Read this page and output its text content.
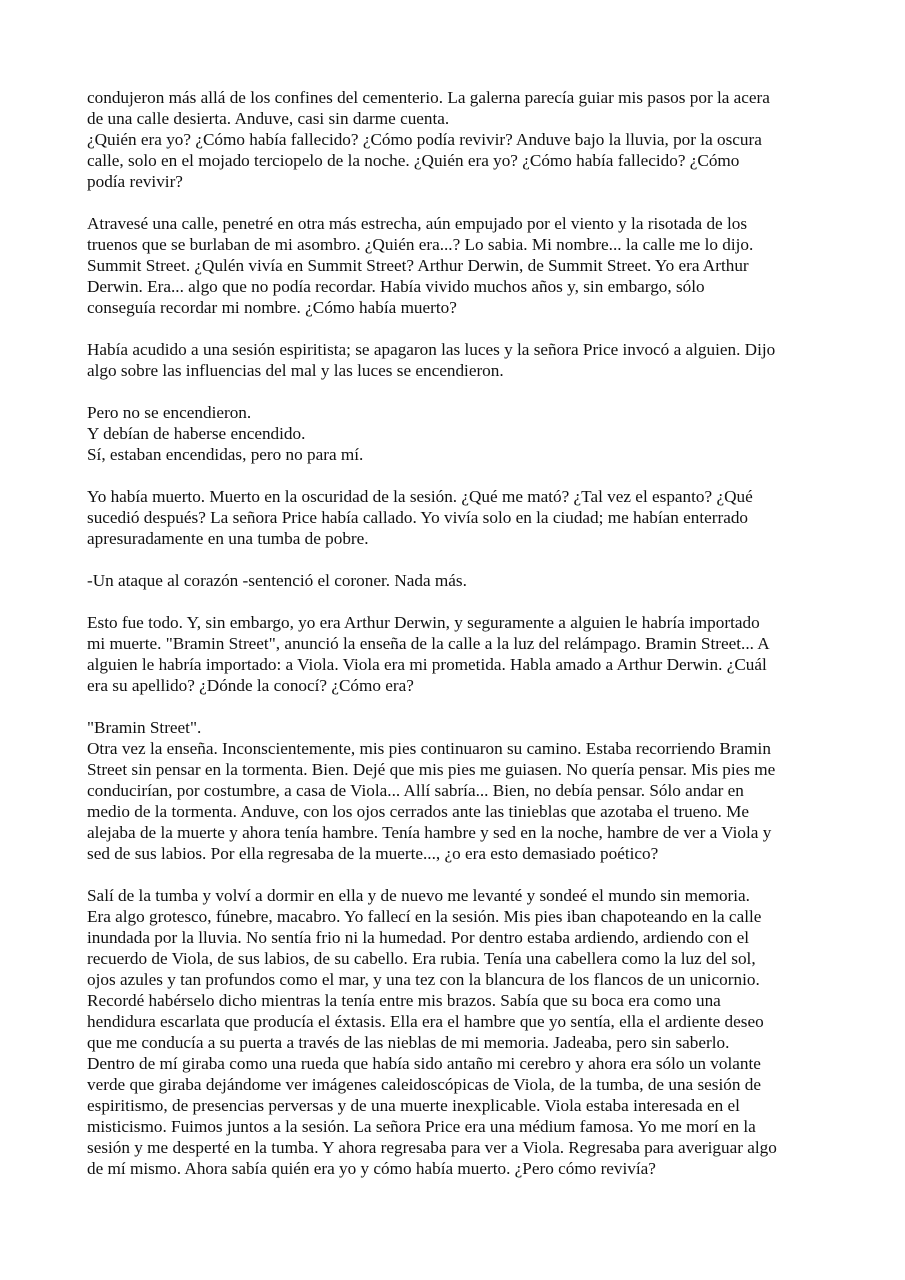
condujeron más allá de los confines del cementerio. La galerna parecía guiar mis pasos por la acera
de una calle desierta. Anduve, casi sin darme cuenta.
¿Quién era yo? ¿Cómo había fallecido? ¿Cómo podía revivir? Anduve bajo la lluvia, por la oscura
calle, solo en el mojado terciopelo de la noche. ¿Quién era yo? ¿Cómo había fallecido? ¿Cómo
podía revivir?
Atravesé una calle, penetré en otra más estrecha, aún empujado por el viento y la risotada de los
truenos que se burlaban de mi asombro. ¿Quién era...? Lo sabia. Mi nombre... la calle me lo dijo.
Summit Street. ¿Qulén vivía en Summit Street? Arthur Derwin, de Summit Street. Yo era Arthur
Derwin. Era... algo que no podía recordar. Había vivido muchos años y, sin embargo, sólo
conseguía recordar mi nombre. ¿Cómo había muerto?
Había acudido a una sesión espiritista; se apagaron las luces y la señora Price invocó a alguien. Dijo
algo sobre las influencias del mal y las luces se encendieron.
Pero no se encendieron.
Y debían de haberse encendido.
Sí, estaban encendidas, pero no para mí.
Yo había muerto. Muerto en la oscuridad de la sesión. ¿Qué me mató? ¿Tal vez el espanto? ¿Qué
sucedió después? La señora Price había callado. Yo vivía solo en la ciudad; me habían enterrado
apresuradamente en una tumba de pobre.
-Un ataque al corazón -sentenció el coroner. Nada más.
Esto fue todo. Y, sin embargo, yo era Arthur Derwin, y seguramente a alguien le habría importado
mi muerte. "Bramin Street", anunció la enseña de la calle a la luz del relámpago. Bramin Street... A
alguien le habría importado: a Viola. Viola era mi prometida. Habla amado a Arthur Derwin. ¿Cuál
era su apellido? ¿Dónde la conocí? ¿Cómo era?
"Bramin Street".
Otra vez la enseña. Inconscientemente, mis pies continuaron su camino. Estaba recorriendo Bramin
Street sin pensar en la tormenta. Bien. Dejé que mis pies me guiasen. No quería pensar. Mis pies me
conducirían, por costumbre, a casa de Viola... Allí sabría... Bien, no debía pensar. Sólo andar en
medio de la tormenta. Anduve, con los ojos cerrados ante las tinieblas que azotaba el trueno. Me
alejaba de la muerte y ahora tenía hambre. Tenía hambre y sed en la noche, hambre de ver a Viola y
sed de sus labios. Por ella regresaba de la muerte..., ¿o era esto demasiado poético?
Salí de la tumba y volví a dormir en ella y de nuevo me levanté y sondeé el mundo sin memoria.
Era algo grotesco, fúnebre, macabro. Yo fallecí en la sesión. Mis pies iban chapoteando en la calle
inundada por la lluvia. No sentía frio ni la humedad. Por dentro estaba ardiendo, ardiendo con el
recuerdo de Viola, de sus labios, de su cabello. Era rubia. Tenía una cabellera como la luz del sol,
ojos azules y tan profundos como el mar, y una tez con la blancura de los flancos de un unicornio.
Recordé habérselo dicho mientras la tenía entre mis brazos. Sabía que su boca era como una
hendidura escarlata que producía el éxtasis. Ella era el hambre que yo sentía, ella el ardiente deseo
que me conducía a su puerta a través de las nieblas de mi memoria. Jadeaba, pero sin saberlo.
Dentro de mí giraba como una rueda que había sido antaño mi cerebro y ahora era sólo un volante
verde que giraba dejándome ver imágenes caleidoscópicas de Viola, de la tumba, de una sesión de
espiritismo, de presencias perversas y de una muerte inexplicable. Viola estaba interesada en el
misticismo. Fuimos juntos a la sesión. La señora Price era una médium famosa. Yo me morí en la
sesión y me desperté en la tumba. Y ahora regresaba para ver a Viola. Regresaba para averiguar algo
de mí mismo. Ahora sabía quién era yo y cómo había muerto. ¿Pero cómo revivía?
